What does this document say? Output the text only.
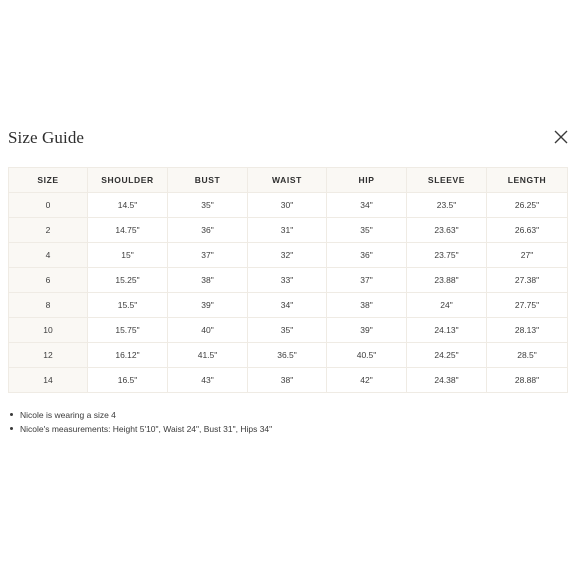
Size Guide
SIZE	SHOULDER	BUST	WAIST	HIP	SLEEVE	LENGTH
0	14.5"	35"	30"	34"	23.5"	26.25"
2	14.75"	36"	31"	35"	23.63"	26.63"
4	15"	37"	32"	36"	23.75"	27"
6	15.25"	38"	33"	37"	23.88"	27.38"
8	15.5"	39"	34"	38"	24"	27.75"
10	15.75"	40"	35"	39"	24.13"	28.13"
12	16.12"	41.5"	36.5"	40.5"	24.25"	28.5"
14	16.5"	43"	38"	42"	24.38"	28.88"
Nicole is wearing a size 4
Nicole's measurements: Height 5'10", Waist 24", Bust 31", Hips 34"
